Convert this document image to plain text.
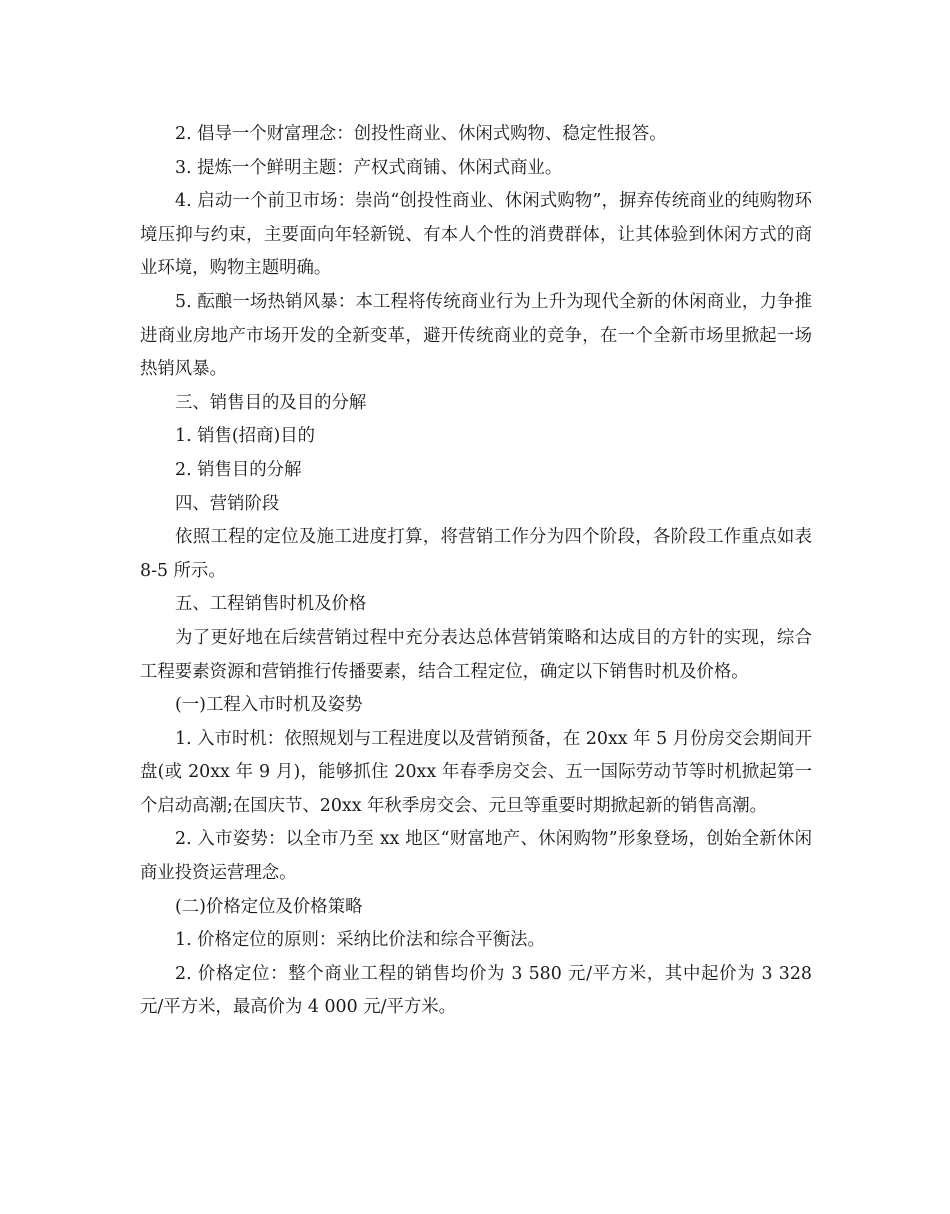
2. 倡导一个财富理念：创投性商业、休闲式购物、稳定性报答。

3. 提炼一个鲜明主题：产权式商铺、休闲式商业。

4. 启动一个前卫市场：崇尚“创投性商业、休闲式购物”，摒弃传统商业的纯购物环境压抑与约束，主要面向年轻新锐、有本人个性的消费群体，让其体验到休闲方式的商业环境，购物主题明确。

5. 酝酿一场热销风暴：本工程将传统商业行为上升为现代全新的休闲商业，力争推进商业房地产市场开发的全新变革，避开传统商业的竞争，在一个全新市场里掀起一场热销风暴。

三、销售目的及目的分解

1. 销售(招商)目的

2. 销售目的分解

四、营销阶段

依照工程的定位及施工进度打算，将营销工作分为四个阶段，各阶段工作重点如表 8-5 所示。

五、工程销售时机及价格

为了更好地在后续营销过程中充分表达总体营销策略和达成目的方针的实现，综合工程要素资源和营销推行传播要素，结合工程定位，确定以下销售时机及价格。

(一)工程入市时机及姿势

1. 入市时机：依照规划与工程进度以及营销预备，在 20xx 年 5 月份房交会期间开盘(或 20xx 年 9 月)，能够抓住 20xx 年春季房交会、五一国际劳动节等时机掀起第一个启动高潮;在国庆节、20xx 年秋季房交会、元旦等重要时期掀起新的销售高潮。

2. 入市姿势：以全市乃至 xx 地区“财富地产、休闲购物”形象登场，创始全新休闲商业投资运营理念。

(二)价格定位及价格策略

1. 价格定位的原则：采纳比价法和综合平衡法。

2. 价格定位：整个商业工程的销售均价为 3 580 元/平方米，其中起价为 3 328 元/平方米，最高价为 4 000 元/平方米。
